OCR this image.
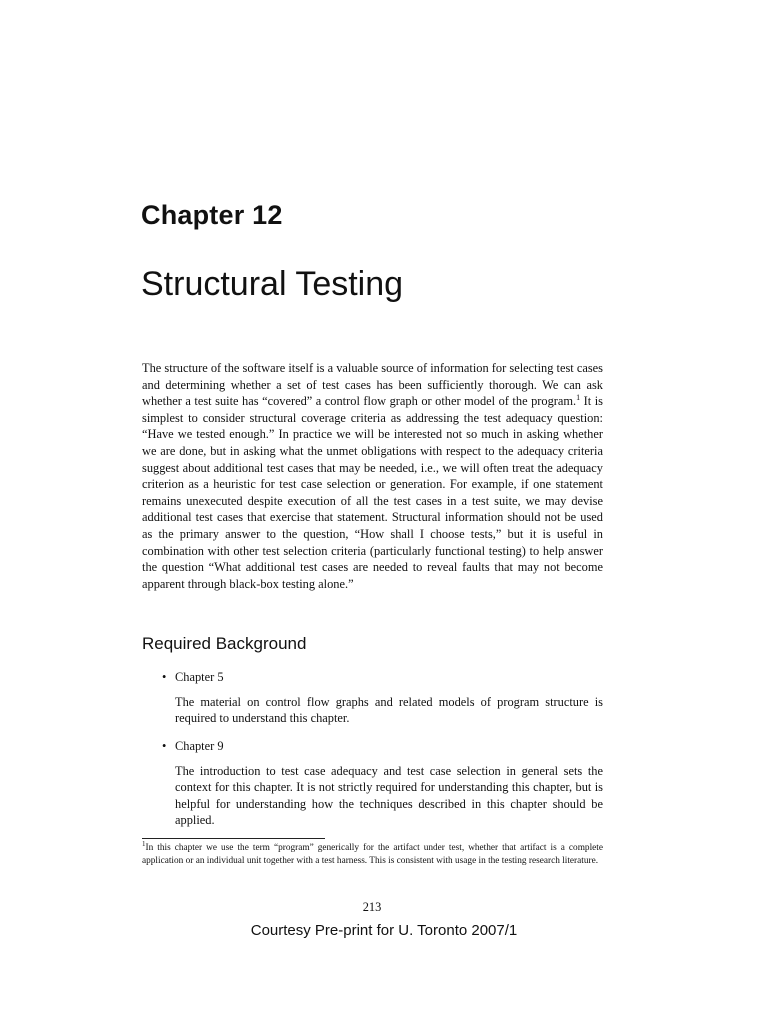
Chapter 12
Structural Testing

The structure of the software itself is a valuable source of information for selecting test cases and determining whether a set of test cases has been sufficiently thorough. We can ask whether a test suite has “covered” a control flow graph or other model of the program.$^1$ It is simplest to consider structural coverage criteria as addressing the test adequacy question: “Have we tested enough.” In practice we will be interested not so much in asking whether we are done, but in asking what the unmet obligations with respect to the adequacy criteria suggest about additional test cases that may be needed, i.e., we will often treat the adequacy criterion as a heuristic for test case selection or generation. For example, if one statement remains unexecuted despite execution of all the test cases in a test suite, we may devise additional test cases that exercise that statement. Structural information should not be used as the primary answer to the question, “How shall I choose tests,” but it is useful in combination with other test selection criteria (particularly functional testing) to help answer the question “What additional test cases are needed to reveal faults that may not become apparent through black-box testing alone.”

Required Background
• Chapter 5
The material on control flow graphs and related models of program structure is required to understand this chapter.
• Chapter 9
The introduction to test case adequacy and test case selection in general sets the context for this chapter. It is not strictly required for understanding this chapter, but is helpful for understanding how the techniques described in this chapter should be applied.
$^1$In this chapter we use the term “program” generically for the artifact under test, whether that artifact is a complete application or an individual unit together with a test harness. This is consistent with usage in the testing research literature.
213
Courtesy Pre-print for U. Toronto 2007/1
